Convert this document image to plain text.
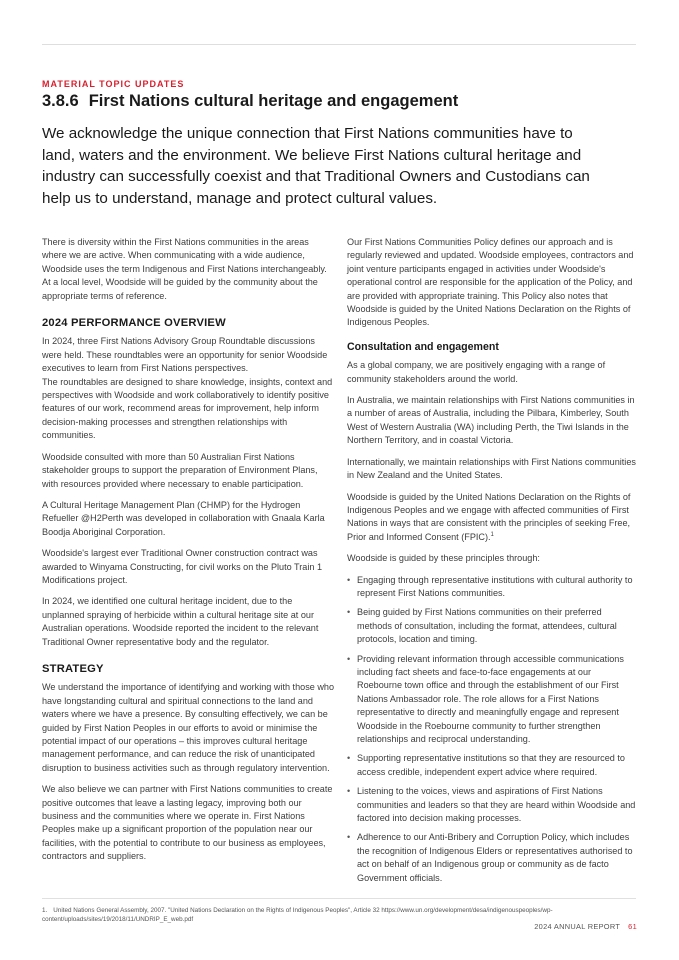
MATERIAL TOPIC UPDATES
3.8.6 First Nations cultural heritage and engagement
We acknowledge the unique connection that First Nations communities have to land, waters and the environment. We believe First Nations cultural heritage and industry can successfully coexist and that Traditional Owners and Custodians can help us to understand, manage and protect cultural values.

There is diversity within the First Nations communities in the areas where we are active. When communicating with a wide audience, Woodside uses the term Indigenous and First Nations interchangeably. At a local level, Woodside will be guided by the community about the appropriate terms of reference.

2024 PERFORMANCE OVERVIEW

In 2024, three First Nations Advisory Group Roundtable discussions were held. These roundtables were an opportunity for senior Woodside executives to learn from First Nations perspectives.
The roundtables are designed to share knowledge, insights, context and perspectives with Woodside and work collaboratively to identify positive features of our work, recommend areas for improvement, help inform decision-making processes and strengthen relationships with communities.

Woodside consulted with more than 50 Australian First Nations stakeholder groups to support the preparation of Environment Plans, with resources provided where necessary to enable participation.

A Cultural Heritage Management Plan (CHMP) for the Hydrogen Refueller @H2Perth was developed in collaboration with Gnaala Karla Boodja Aboriginal Corporation.

Woodside's largest ever Traditional Owner construction contract was awarded to Winyama Constructing, for civil works on the Pluto Train 1 Modifications project.

In 2024, we identified one cultural heritage incident, due to the unplanned spraying of herbicide within a cultural heritage site at our Australian operations. Woodside reported the incident to the relevant Traditional Owner representative body and the regulator.

STRATEGY

We understand the importance of identifying and working with those who have longstanding cultural and spiritual connections to the land and waters where we have a presence. By consulting effectively, we can be guided by First Nation Peoples in our efforts to avoid or minimise the potential impact of our operations – this improves cultural heritage management performance, and can reduce the risk of unanticipated disruption to business activities such as through regulatory intervention.

We also believe we can partner with First Nations communities to create positive outcomes that leave a lasting legacy, improving both our business and the communities where we operate in. First Nations Peoples make up a significant proportion of the population near our facilities, with the potential to contribute to our business as employees, contractors and suppliers.

Our First Nations Communities Policy defines our approach and is regularly reviewed and updated. Woodside employees, contractors and joint venture participants engaged in activities under Woodside's operational control are responsible for the application of the Policy, and are provided with appropriate training. This Policy also notes that Woodside is guided by the United Nations Declaration on the Rights of Indigenous Peoples.

Consultation and engagement

As a global company, we are positively engaging with a range of community stakeholders around the world.

In Australia, we maintain relationships with First Nations communities in a number of areas of Australia, including the Pilbara, Kimberley, South West of Western Australia (WA) including Perth, the Tiwi Islands in the Northern Territory, and in coastal Victoria.

Internationally, we maintain relationships with First Nations communities in New Zealand and the United States.

Woodside is guided by the United Nations Declaration on the Rights of Indigenous Peoples and we engage with affected communities of First Nations in ways that are consistent with the principles of seeking Free, Prior and Informed Consent (FPIC).$^1$

Woodside is guided by these principles through:

• Engaging through representative institutions with cultural authority to represent First Nations communities.
• Being guided by First Nations communities on their preferred methods of consultation, including the format, attendees, cultural protocols, location and timing.
• Providing relevant information through accessible communications including fact sheets and face-to-face engagements at our Roebourne town office and through the establishment of our First Nations Ambassador role. The role allows for a First Nations representative to directly and meaningfully engage and represent Woodside in the Roebourne community to further strengthen relationships and reciprocal understanding.
• Supporting representative institutions so that they are resourced to access credible, independent expert advice where required.
• Listening to the voices, views and aspirations of First Nations communities and leaders so that they are heard within Woodside and factored into decision making processes.
• Adherence to our Anti-Bribery and Corruption Policy, which includes the recognition of Indigenous Elders or representatives authorised to act on behalf of an Indigenous group or community as de facto Government officials.
1. United Nations General Assembly, 2007. "United Nations Declaration on the Rights of Indigenous Peoples", Article 32 https://www.un.org/development/desa/indigenouspeoples/wp-content/uploads/sites/19/2018/11/UNDRIP_E_web.pdf
2024 ANNUAL REPORT 61
